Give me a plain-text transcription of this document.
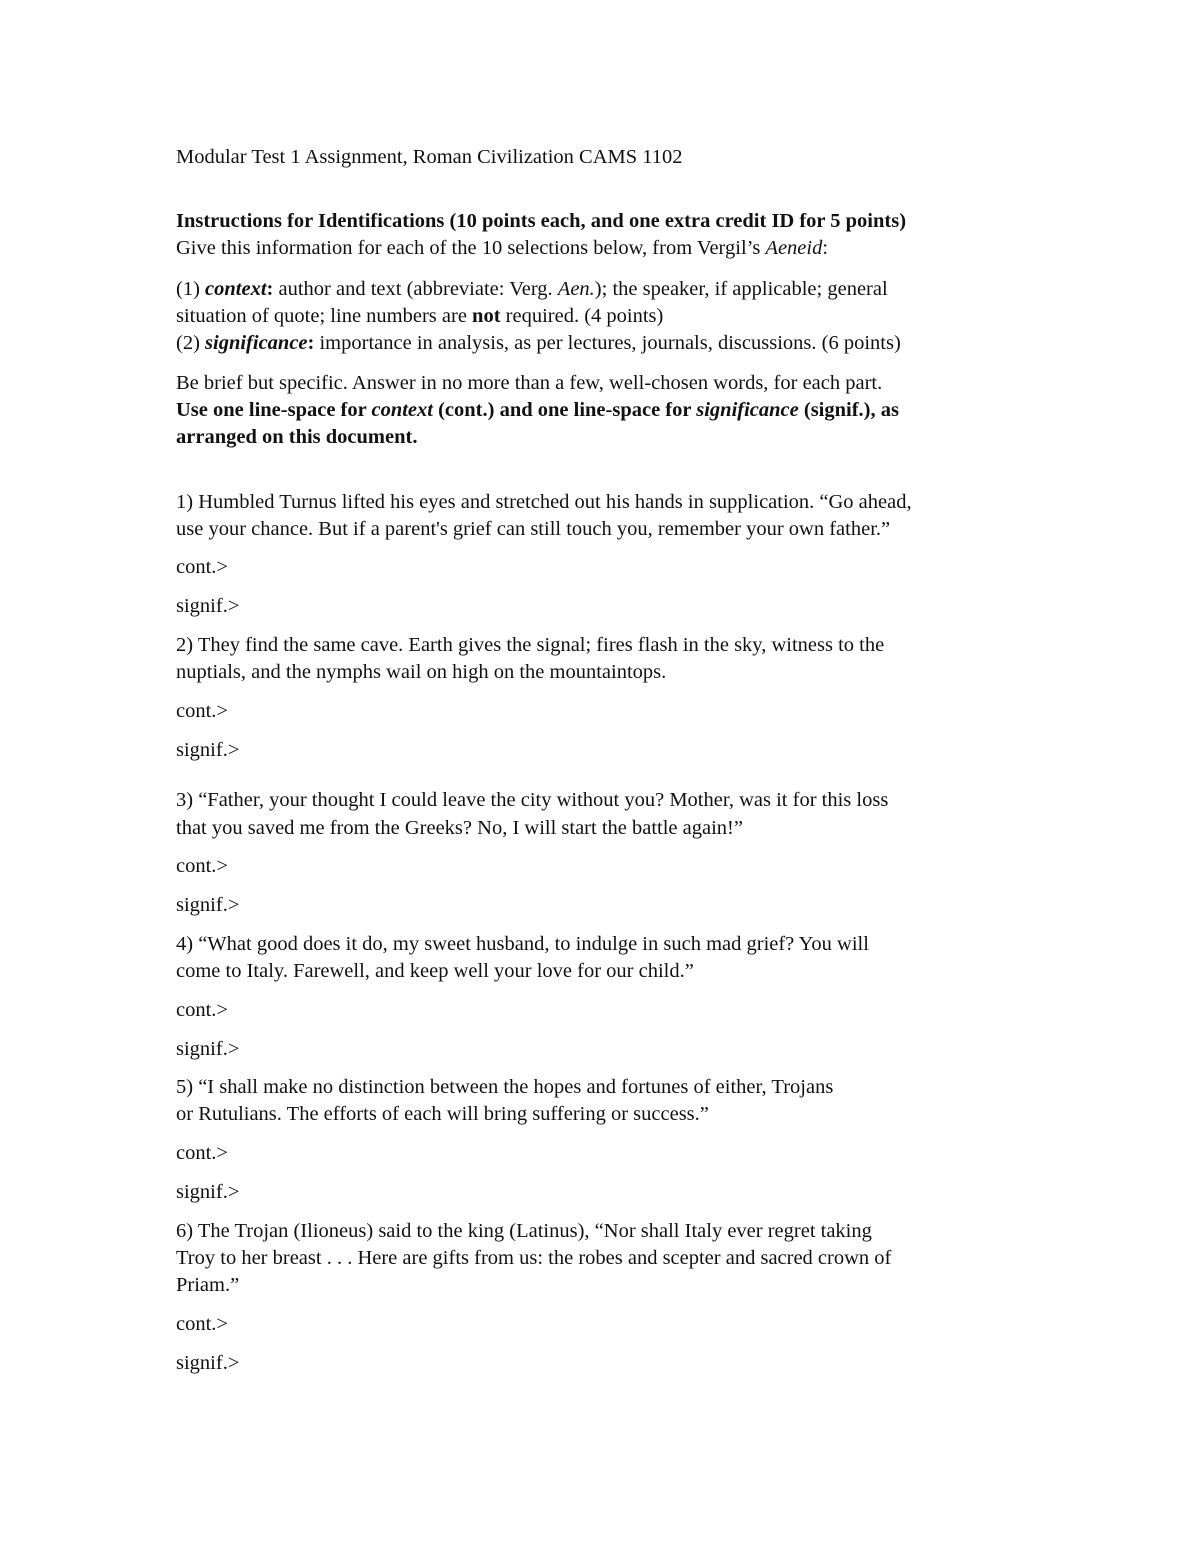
Modular Test 1 Assignment, Roman Civilization CAMS 1102
Instructions for Identifications (10 points each, and one extra credit ID for 5 points)
Give this information for each of the 10 selections below, from Vergil’s Aeneid:
(1) context: author and text (abbreviate: Verg. Aen.); the speaker, if applicable; general
situation of quote; line numbers are not required. (4 points)
(2) significance: importance in analysis, as per lectures, journals, discussions. (6 points)
Be brief but specific. Answer in no more than a few, well-chosen words, for each part.
Use one line-space for context (cont.) and one line-space for significance (signif.), as
arranged on this document.
1) Humbled Turnus lifted his eyes and stretched out his hands in supplication. “Go ahead,
use your chance. But if a parent's grief can still touch you, remember your own father.”
cont.>
signif.>
2) They find the same cave. Earth gives the signal; fires flash in the sky, witness to the
nuptials, and the nymphs wail on high on the mountaintops.
cont.>
signif.>
3) “Father, your thought I could leave the city without you? Mother, was it for this loss
that you saved me from the Greeks? No, I will start the battle again!”
cont.>
signif.>
4) “What good does it do, my sweet husband, to indulge in such mad grief? You will
come to Italy. Farewell, and keep well your love for our child.”
cont.>
signif.>
5) “I shall make no distinction between the hopes and fortunes of either, Trojans
or Rutulians. The efforts of each will bring suffering or success.”
cont.>
signif.>
6) The Trojan (Ilioneus) said to the king (Latinus), “Nor shall Italy ever regret taking
Troy to her breast . . . Here are gifts from us: the robes and scepter and sacred crown of
Priam.”
cont.>
signif.>
